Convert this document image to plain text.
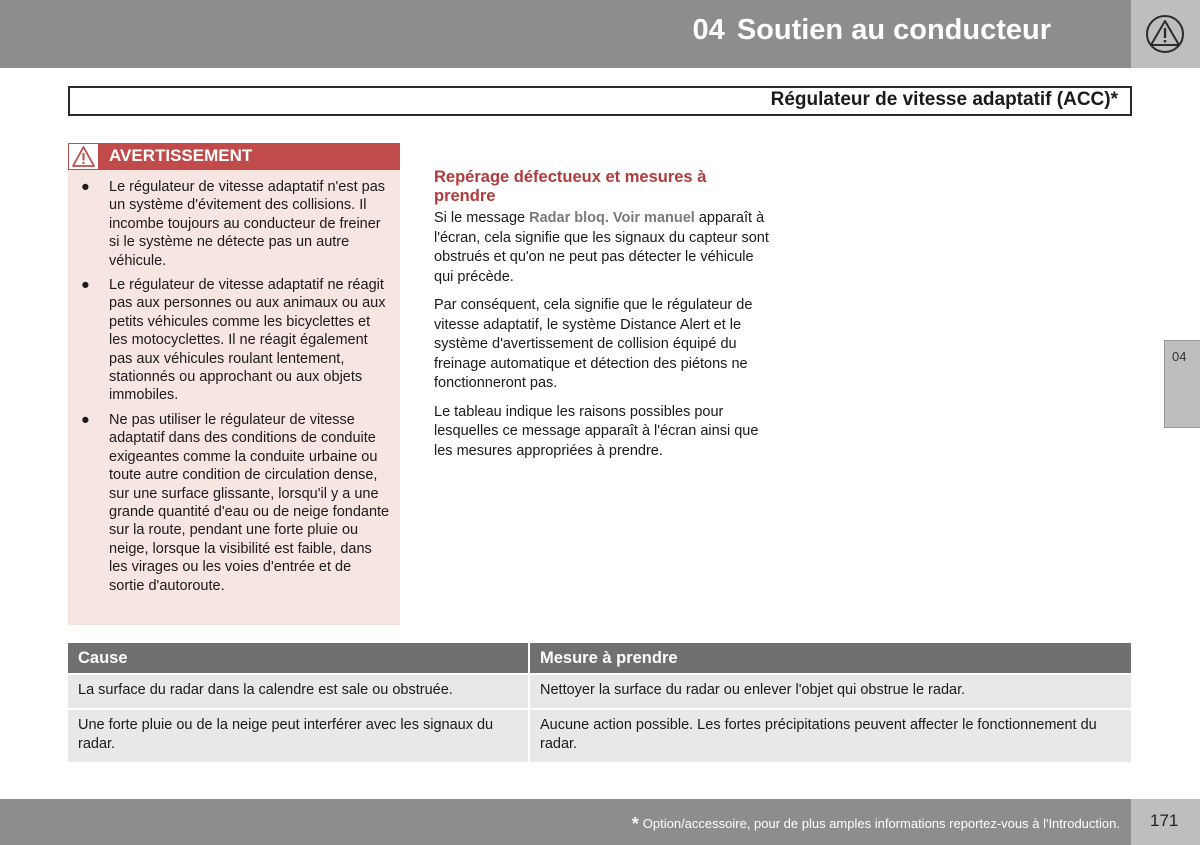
04 Soutien au conducteur
Régulateur de vitesse adaptatif (ACC)*
AVERTISSEMENT
● Le régulateur de vitesse adaptatif n'est pas un système d'évitement des collisions. Il incombe toujours au conducteur de freiner si le système ne détecte pas un autre véhicule.
● Le régulateur de vitesse adaptatif ne réagit pas aux personnes ou aux animaux ou aux petits véhicules comme les bicyclettes et les motocyclettes. Il ne réagit également pas aux véhicules roulant lentement, stationnés ou approchant ou aux objets immobiles.
● Ne pas utiliser le régulateur de vitesse adaptatif dans des conditions de conduite exigeantes comme la conduite urbaine ou toute autre condition de circulation dense, sur une surface glissante, lorsqu'il y a une grande quantité d'eau ou de neige fondante sur la route, pendant une forte pluie ou neige, lorsque la visibilité est faible, dans les virages ou les voies d'entrée et de sortie d'autoroute.
Repérage défectueux et mesures à prendre

Si le message Radar bloq. Voir manuel apparaît à l'écran, cela signifie que les signaux du capteur sont obstrués et qu'on ne peut pas détecter le véhicule qui précède.

Par conséquent, cela signifie que le régulateur de vitesse adaptatif, le système Distance Alert et le système d'avertissement de collision équipé du freinage automatique et détection des piétons ne fonctionneront pas.

Le tableau indique les raisons possibles pour lesquelles ce message apparaît à l'écran ainsi que les mesures appropriées à prendre.

04
Cause	Mesure à prendre
La surface du radar dans la calendre est sale ou obstruée.	Nettoyer la surface du radar ou enlever l'objet qui obstrue le radar.
Une forte pluie ou de la neige peut interférer avec les signaux du radar.	Aucune action possible. Les fortes précipitations peuvent affecter le fonctionnement du radar.
* Option/accessoire, pour de plus amples informations reportez-vous à l'Introduction. 171
